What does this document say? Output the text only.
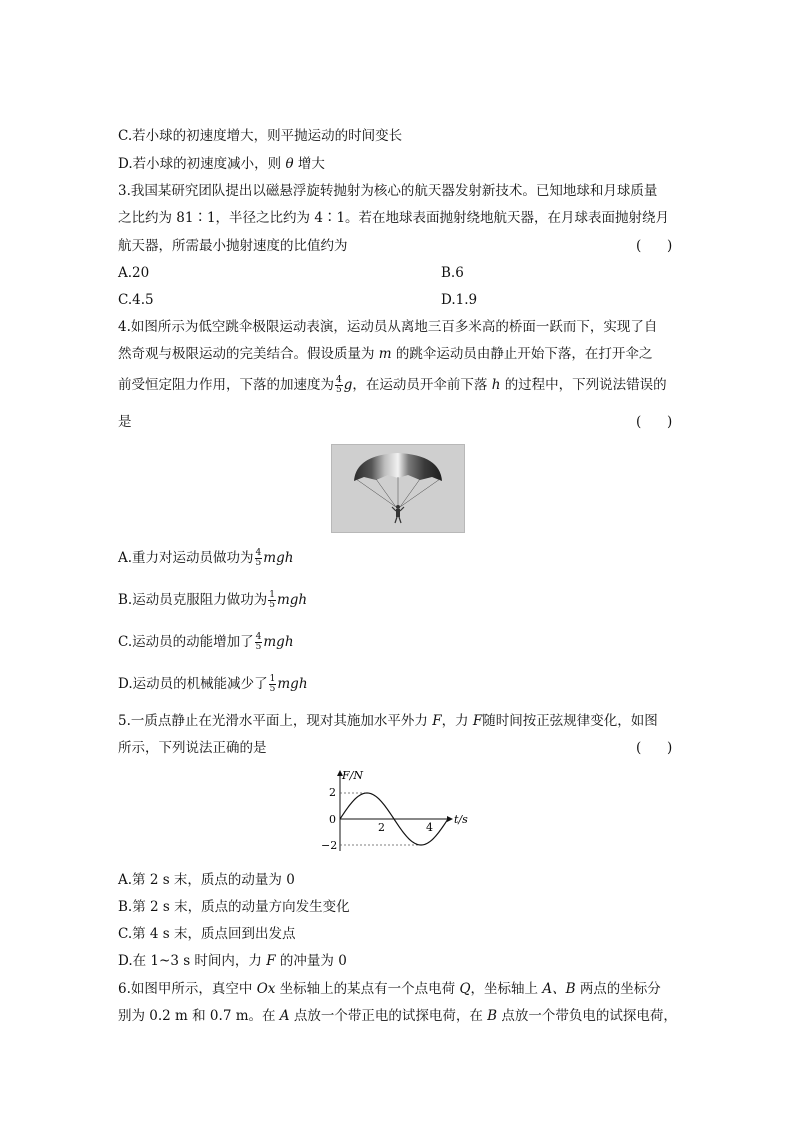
C.若小球的初速度增大，则平抛运动的时间变长
D.若小球的初速度减小，则 θ 增大
3.我国某研究团队提出以磁悬浮旋转抛射为核心的航天器发射新技术。已知地球和月球质量
之比约为 81∶1，半径之比约为 4∶1。若在地球表面抛射绕地航天器，在月球表面抛射绕月
航天器，所需最小抛射速度的比值约为	(      )
A.20	B.6
C.4.5	D.1.9
4.如图所示为低空跳伞极限运动表演，运动员从离地三百多米高的桥面一跃而下，实现了自
然奇观与极限运动的完美结合。假设质量为 m 的跳伞运动员由静止开始下落，在打开伞之
前受恒定阻力作用，下落的加速度为 $\frac{4}{5}$ g，在运动员开伞前下落 h 的过程中，下列说法错误的
是	(      )
A.重力对运动员做功为 $\frac{4}{5}$ mgh
B.运动员克服阻力做功为 $\frac{1}{5}$ mgh
C.运动员的动能增加了 $\frac{4}{5}$ mgh
D.运动员的机械能减少了 $\frac{1}{5}$ mgh
5.一质点静止在光滑水平面上，现对其施加水平外力 F，力 F随时间按正弦规律变化，如图
所示，下列说法正确的是	(      )
F/N
t/s
2
0
−2
2	4
A.第 2 s 末，质点的动量为 0
B.第 2 s 末，质点的动量方向发生变化
C.第 4 s 末，质点回到出发点
D.在 1~3 s 时间内，力 F 的冲量为 0
6.如图甲所示，真空中 Ox 坐标轴上的某点有一个点电荷 Q，坐标轴上 A、B 两点的坐标分
别为 0.2 m 和 0.7 m。在 A 点放一个带正电的试探电荷，在 B 点放一个带负电的试探电荷，
